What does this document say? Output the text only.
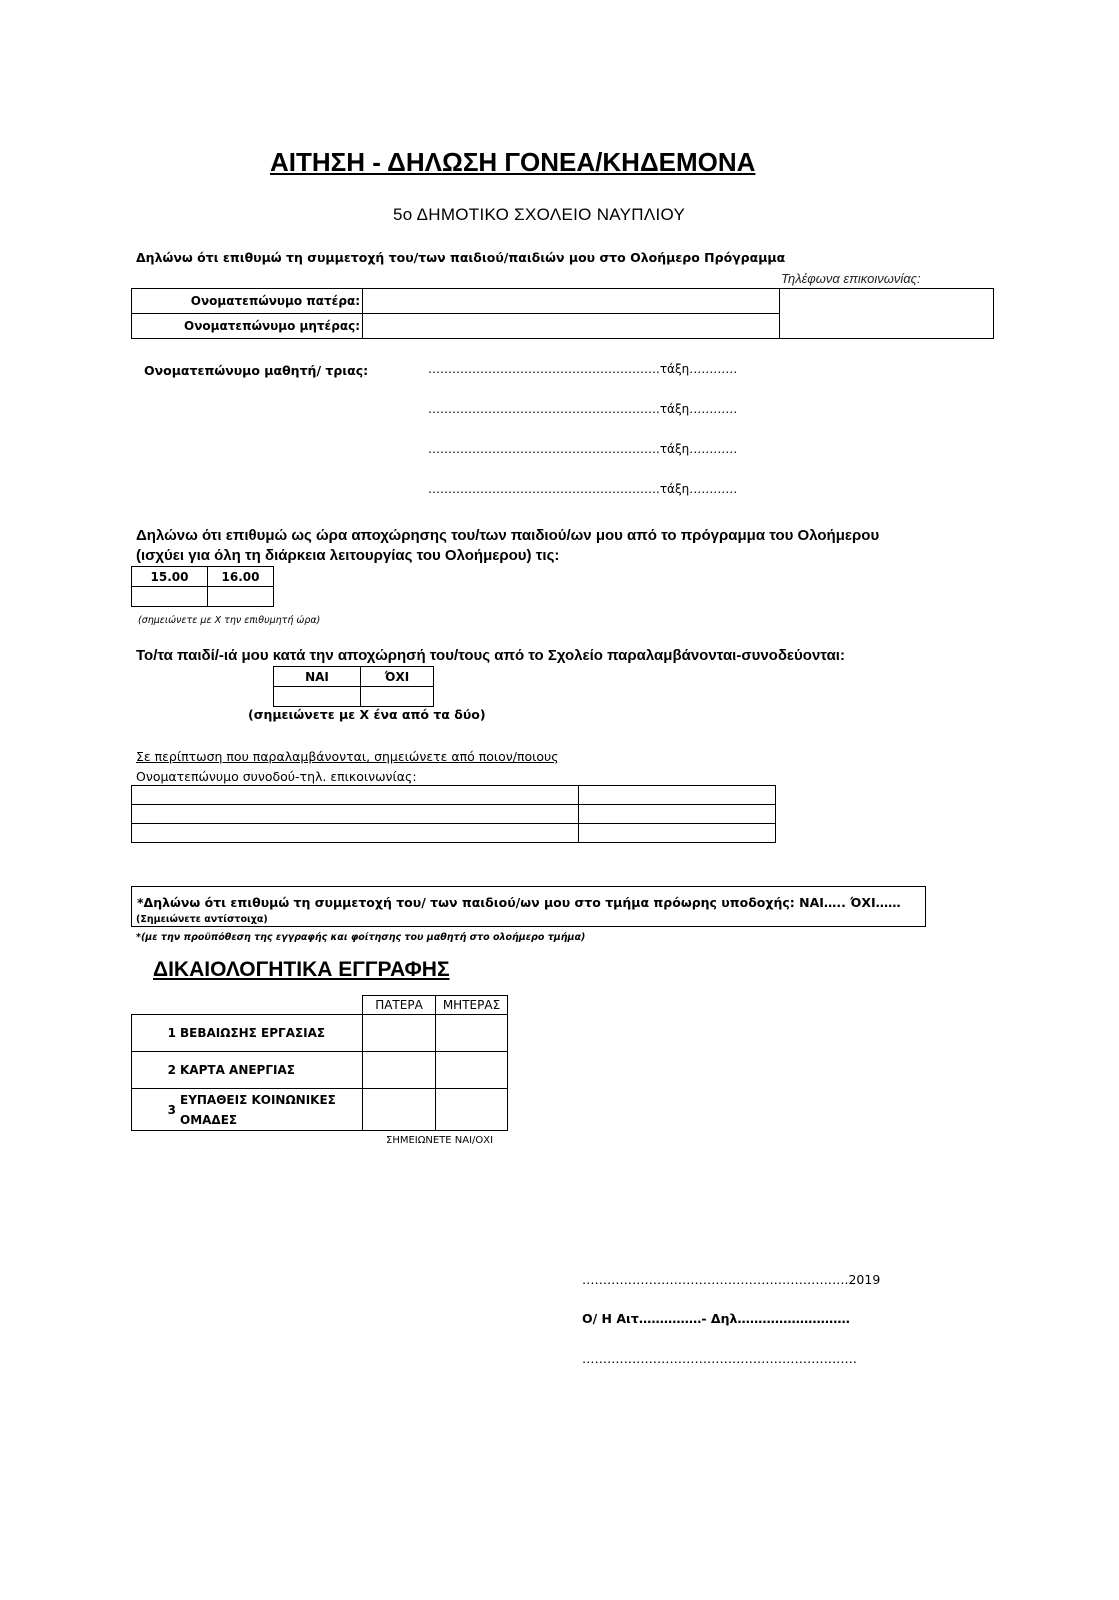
ΑΙΤΗΣΗ - ΔΗΛΩΣΗ ΓΟΝΕΑ/ΚΗΔΕΜΟΝΑ
5ο ΔΗΜΟΤΙΚΟ ΣΧΟΛΕΙΟ ΝΑΥΠΛΙΟΥ
Δηλώνω ότι επιθυμώ τη συμμετοχή του/των παιδιού/παιδιών μου στο Ολοήμερο Πρόγραμμα
Τηλέφωνα επικοινωνίας:
Ονοματεπώνυμο πατέρα:		
Ονοματεπώνυμο μητέρας:		
Ονοματεπώνυμο μαθητή/ τριας:	………………………………………………….τάξη…………
………………………………………………….τάξη…………
………………………………………………….τάξη…………
………………………………………………….τάξη…………
Δηλώνω ότι επιθυμώ ως ώρα αποχώρησης του/των παιδιού/ων μου από το πρόγραμμα του Ολοήμερου
(ισχύει για όλη τη διάρκεια λειτουργίας του Ολοήμερου) τις:
15.00	16.00

(σημειώνετε με Χ την επιθυμητή ώρα)
Το/τα παιδί/-ιά μου κατά την αποχώρησή του/τους από το Σχολείο παραλαμβάνονται-συνοδεύονται:
ΝΑΙ	ΌΧΙ

(σημειώνετε με Χ ένα από τα δύο)
Σε περίπτωση που παραλαμβάνονται, σημειώνετε από ποιον/ποιους
Ονοματεπώνυμο συνοδού-τηλ. επικοινωνίας:

*Δηλώνω ότι επιθυμώ τη συμμετοχή του/ των παιδιού/ων μου στο τμήμα πρόωρης υποδοχής: ΝΑΙ….. ΌΧΙ……
(Σημειώνετε αντίστοιχα)
*(με την προϋπόθεση της εγγραφής και φοίτησης του μαθητή στο ολοήμερο τμήμα)
ΔΙΚΑΙΟΛΟΓΗΤΙΚΑ ΕΓΓΡΑΦΗΣ
		ΠΑΤΕΡΑ	ΜΗΤΕΡΑΣ
1	ΒΕΒΑΙΩΣΗΣ ΕΡΓΑΣΙΑΣ		
2	ΚΑΡΤΑ ΑΝΕΡΓΙΑΣ		
3	ΕΥΠΑΘΕΙΣ ΚΟΙΝΩΝΙΚΕΣ
ΟΜΑΔΕΣ		

ΣΗΜΕΙΩΝΕΤΕ ΝΑΙ/ΟΧΙ
……………………………………………………….2019
Ο/ Η Αιτ……………- Δηλ………………………
…………………………………………………………
